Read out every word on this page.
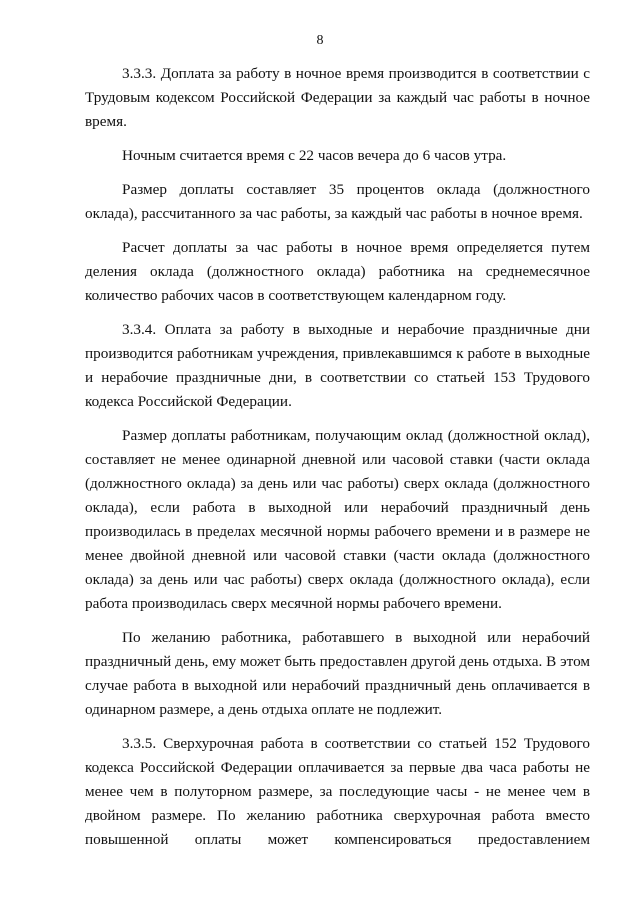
8

3.3.3. Доплата за работу в ночное время производится в соответствии с Трудовым кодексом Российской Федерации за каждый час работы в ночное время.

Ночным считается время с 22 часов вечера до 6 часов утра.

Размер доплаты составляет 35 процентов оклада (должностного оклада), рассчитанного за час работы, за каждый час работы в ночное время.

Расчет доплаты за час работы в ночное время определяется путем деления оклада (должностного оклада) работника на среднемесячное количество рабочих часов в соответствующем календарном году.

3.3.4. Оплата за работу в выходные и нерабочие праздничные дни производится работникам учреждения, привлекавшимся к работе в выходные и нерабочие праздничные дни, в соответствии со статьей 153 Трудового кодекса Российской Федерации.

Размер доплаты работникам, получающим оклад (должностной оклад), составляет не менее одинарной дневной или часовой ставки (части оклада (должностного оклада) за день или час работы) сверх оклада (должностного оклада), если работа в выходной или нерабочий праздничный день производилась в пределах месячной нормы рабочего времени и в размере не менее двойной дневной или часовой ставки (части оклада (должностного оклада) за день или час работы) сверх оклада (должностного оклада), если работа производилась сверх месячной нормы рабочего времени.

По желанию работника, работавшего в выходной или нерабочий праздничный день, ему может быть предоставлен другой день отдыха. В этом случае работа в выходной или нерабочий праздничный день оплачивается в одинарном размере, а день отдыха оплате не подлежит.

3.3.5. Сверхурочная работа в соответствии со статьей 152 Трудового кодекса Российской Федерации оплачивается за первые два часа работы не менее чем в полуторном размере, за последующие часы - не менее чем в двойном размере. По желанию работника сверхурочная работа вместо повышенной оплаты может компенсироваться предоставлением
